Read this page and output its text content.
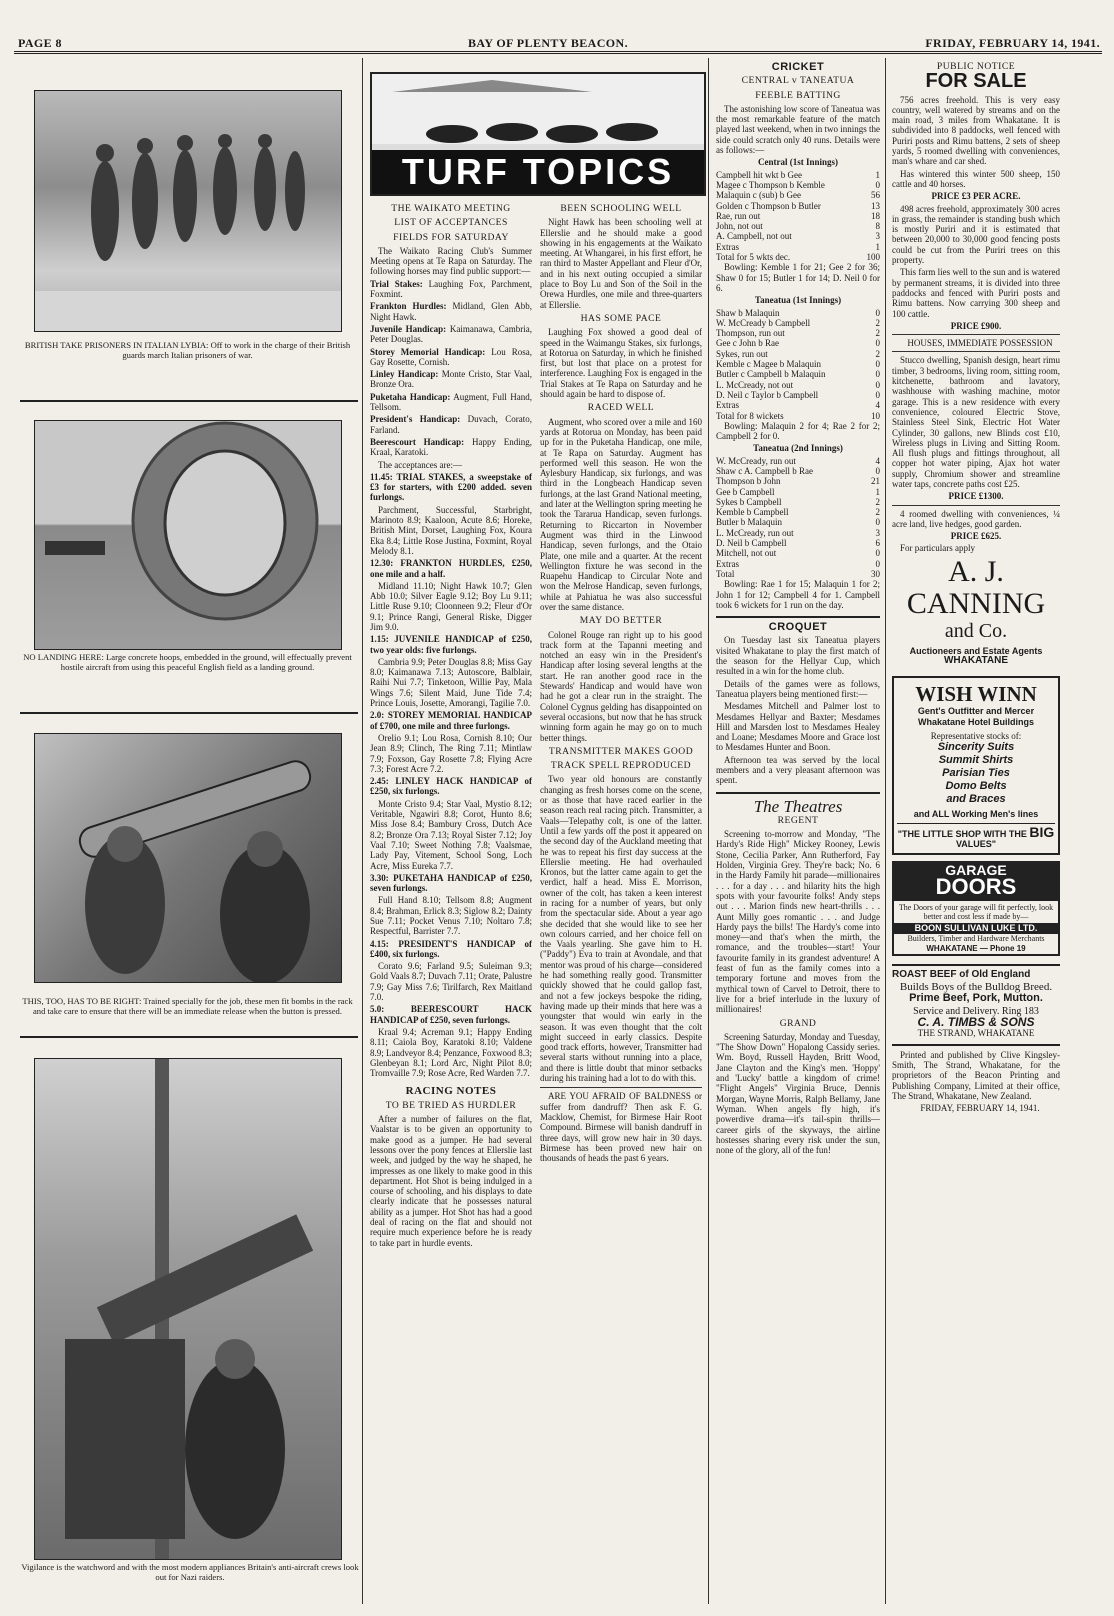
PAGE 8	BAY OF PLENTY BEACON.	FRIDAY, FEBRUARY 14, 1941.
BRITISH TAKE PRISONERS IN ITALIAN LYBIA: Off to work in the charge of their British guards march Italian prisoners of war.
NO LANDING HERE: Large concrete hoops, embedded in the ground, will effectually prevent hostile aircraft from using this peaceful English field as a landing ground.
THIS, TOO, HAS TO BE RIGHT: Trained specially for the job, these men fit bombs in the rack and take care to ensure that there will be an immediate release when the button is pressed.
Vigilance is the watchword and with the most modern appliances Britain's anti-aircraft crews look out for Nazi raiders.
TURF TOPICS
THE WAIKATO MEETING
LIST OF ACCEPTANCES
FIELDS FOR SATURDAY

The Waikato Racing Club's Summer Meeting opens at Te Rapa on Saturday. The following horses may find public support:—

Trial Stakes: Laughing Fox, Parchment, Foxmint.

Frankton Hurdles: Midland, Glen Abb, Night Hawk.

Juvenile Handicap: Kaimanawa, Cambria, Peter Douglas.

Storey Memorial Handicap: Lou Rosa, Gay Rosette, Cornish.

Linley Handicap: Monte Cristo, Star Vaal, Bronze Ora.

Puketaha Handicap: Augment, Full Hand, Tellsom.

President's Handicap: Duvach, Corato, Farland.

Beerescourt Handicap: Happy Ending, Kraal, Karatoki.

The acceptances are:—

11.45: TRIAL STAKES, a sweepstake of £3 for starters, with £200 added. seven furlongs.

Parchment, Successful, Starbright, Marinoto 8.9; Kaaloon, Acute 8.6; Horeke, British Mint, Dorset, Laughing Fox, Koura Eka 8.4; Little Rose Justina, Foxmint, Royal Melody 8.1.

12.30: FRANKTON HURDLES, £250, one mile and a half.

Midland 11.10; Night Hawk 10.7; Glen Abb 10.0; Silver Eagle 9.12; Boy Lu 9.11; Little Ruse 9.10; Cloonneen 9.2; Fleur d'Or 9.1; Prince Rangi, General Riske, Digger Jim 9.0.

1.15: JUVENILE HANDICAP of £250, two year olds: five furlongs.

Cambria 9.9; Peter Douglas 8.8; Miss Gay 8.0; Kaimanawa 7.13; Autoscore, Balblair, Raihi Nui 7.7; Tinketoon, Willie Pay, Mala Wings 7.6; Silent Maid, June Tide 7.4; Prince Louis, Josette, Amorangi, Tagilie 7.0.

2.0: STOREY MEMORIAL HANDICAP of £700, one mile and three furlongs.

Orelio 9.1; Lou Rosa, Cornish 8.10; Our Jean 8.9; Clinch, The Ring 7.11; Mintlaw 7.9; Foxson, Gay Rosette 7.8; Flying Acre 7.3; Forest Acre 7.2.

2.45: LINLEY HACK HANDICAP of £250, six furlongs.

Monte Cristo 9.4; Star Vaal, Mystio 8.12; Veritable, Ngawiri 8.8; Corot, Hunto 8.6; Miss Jose 8.4; Bambury Cross, Dutch Ace 8.2; Bronze Ora 7.13; Royal Sister 7.12; Joy Vaal 7.10; Sweet Nothing 7.8; Vaalsmae, Lady Pay, Vitement, School Song, Loch Acre, Miss Eureka 7.7.

3.30: PUKETAHA HANDICAP of £250, seven furlongs.

Full Hand 8.10; Tellsom 8.8; Augment 8.4; Brahman, Erlick 8.3; Siglow 8.2; Dainty Sue 7.11; Pocket Venus 7.10; Noltaro 7.8; Respectful, Barrister 7.7.

4.15: PRESIDENT'S HANDICAP of £400, six furlongs.

Corato 9.6; Farland 9.5; Suleiman 9.3; Gold Vaals 8.7; Duvach 7.11; Orate, Palustre 7.9; Gay Miss 7.6; Tirilfarch, Rex Maitland 7.0.

5.0: BEERESCOURT HACK HANDICAP of £250, seven furlongs.

Kraal 9.4; Acreman 9.1; Happy Ending 8.11; Caiola Boy, Karatoki 8.10; Valdene 8.9; Landveyor 8.4; Penzance, Foxwood 8.3; Glenbeyan 8.1; Lord Arc, Night Pilot 8.0; Tromvaille 7.9; Rose Acre, Red Warden 7.7.

RACING NOTES
TO BE TRIED AS HURDLER

After a number of failures on the flat, Vaalstar is to be given an opportunity to make good as a jumper. He had several lessons over the pony fences at Ellerslie last week, and judged by the way he shaped, he impresses as one likely to make good in this department. Hot Shot is being indulged in a course of schooling, and his displays to date clearly indicate that he possesses natural ability as a jumper. Hot Shot has had a good deal of racing on the flat and should not require much experience before he is ready to take part in hurdle events.

BEEN SCHOOLING WELL

Night Hawk has been schooling well at Ellerslie and he should make a good showing in his engagements at the Waikato meeting. At Whangarei, in his first effort, he ran third to Master Appellant and Fleur d'Or, and in his next outing occupied a similar place to Boy Lu and Son of the Soil in the Orewa Hurdles, one mile and three-quarters at Ellerslie.

HAS SOME PACE

Laughing Fox showed a good deal of speed in the Waimangu Stakes, six furlongs, at Rotorua on Saturday, in which he finished first, but lost that place on a protest for interference. Laughing Fox is engaged in the Trial Stakes at Te Rapa on Saturday and he should again be hard to dispose of.

RACED WELL

Augment, who scored over a mile and 160 yards at Rotorua on Monday, has been paid up for in the Puketaha Handicap, one mile, at Te Rapa on Saturday. Augment has performed well this season. He won the Aylesbury Handicap, six furlongs, and was third in the Longbeach Handicap seven furlongs, at the last Grand National meeting, and later at the Wellington spring meeting he took the Tararua Handicap, seven furlongs. Returning to Riccarton in November Augment was third in the Linwood Handicap, seven furlongs, and the Otaio Plate, one mile and a quarter. At the recent Wellington fixture he was second in the Ruapehu Handicap to Circular Note and won the Melrose Handicap, seven furlongs, while at Pahiatua he was also successful over the same distance.

MAY DO BETTER

Colonel Rouge ran right up to his good track form at the Tapanni meeting and notched an easy win in the President's Handicap after losing several lengths at the start. He ran another good race in the Stewards' Handicap and would have won had he got a clear run in the straight. The Colonel Cygnus gelding has disappointed on several occasions, but now that he has struck winning form again he may go on to much better things.

TRANSMITTER MAKES GOOD
TRACK SPELL REPRODUCED

Two year old honours are constantly changing as fresh horses come on the scene, or as those that have raced earlier in the season reach real racing pitch. Transmitter, a Vaals—Telepathy colt, is one of the latter. Until a few yards off the post it appeared on the second day of the Auckland meeting that he was to repeat his first day success at the Ellerslie meeting. He had overhauled Kronos, but the latter came again to get the verdict, half a head. Miss E. Morrison, owner of the colt, has taken a keen interest in racing for a number of years, but only from the spectacular side. About a year ago she decided that she would like to see her own colours carried, and her choice fell on the Vaals yearling. She gave him to H. ("Paddy") Eva to train at Avondale, and that mentor was proud of his charge—considered he had something really good. Transmitter quickly showed that he could gallop fast, and not a few jockeys bespoke the riding, having made up their minds that here was a youngster that would win early in the season. It was even thought that the colt might succeed in early classics. Despite good track efforts, however, Transmitter had several starts without running into a place, and there is little doubt that minor setbacks during his training had a lot to do with this.

ARE YOU AFRAID OF BALDNESS or suffer from dandruff? Then ask F. G. Macklow, Chemist, for Birmese Hair Root Compound. Birmese will banish dandruff in three days, will grow new hair in 30 days. Birmese has been proved new hair on thousands of heads the past 6 years.

CRICKET
CENTRAL v TANEATUA
FEEBLE BATTING

The astonishing low score of Taneatua was the most remarkable feature of the match played last weekend, when in two innings the side could scratch only 40 runs. Details were as follows:—

Central (1st Innings)

Campbell hit wkt b Gee	1
Magee c Thompson b Kemble	0
Malaquin c (sub) b Gee	56
Golden c Thompson b Butler	13
Rae, run out	18
John, not out	8
A. Campbell, not out	3
Extras	1
Total for 5 wkts dec.	100

Bowling: Kemble 1 for 21; Gee 2 for 36; Shaw 0 for 15; Butler 1 for 14; D. Neil 0 for 6.

Taneatua (1st Innings)

Shaw b Malaquin	0
W. McCready b Campbell	2
Thompson, run out	2
Gee c John b Rae	0
Sykes, run out	2
Kemble c Magee b Malaquin	0
Butler c Campbell b Malaquin	0
L. McCready, not out	0
D. Neil c Taylor b Campbell	0
Extras	4
Total for 8 wickets	10

Bowling: Malaquin 2 for 4; Rae 2 for 2; Campbell 2 for 0.

Taneatua (2nd Innings)

W. McCready, run out	4
Shaw c A. Campbell b Rae	0
Thompson b John	21
Gee b Campbell	1
Sykes b Campbell	2
Kemble b Campbell	2
Butler b Malaquin	0
L. McCready, run out	3
D. Neil b Campbell	6
Mitchell, not out	0
Extras	0
Total	30

Bowling: Rae 1 for 15; Malaquin 1 for 2; John 1 for 12; Campbell 4 for 1. Campbell took 6 wickets for 1 run on the day.

CROQUET

On Tuesday last six Taneatua players visited Whakatane to play the first match of the season for the Hellyar Cup, which resulted in a win for the home club.

Details of the games were as follows, Taneatua players being mentioned first:—

Mesdames Mitchell and Palmer lost to Mesdames Hellyar and Baxter; Mesdames Hill and Marsden lost to Mesdames Healey and Loane; Mesdames Moore and Grace lost to Mesdames Hunter and Boon.

Afternoon tea was served by the local members and a very pleasant afternoon was spent.

The Theatres
REGENT

Screening to-morrow and Monday, "The Hardy's Ride High" Mickey Rooney, Lewis Stone, Cecilia Parker, Ann Rutherford, Fay Holden, Virginia Grey. They're back; No. 6 in the Hardy Family hit parade—millionaires . . . for a day . . . and hilarity hits the high spots with your favourite folks! Andy steps out . . . Marion finds new heart-thrills . . . Aunt Milly goes romantic . . . and Judge Hardy pays the bills! The Hardy's come into money—and that's when the mirth, the romance, and the troubles—start! Your favourite family in its grandest adventure! A feast of fun as the family comes into a temporary fortune and moves from the mythical town of Carvel to Detroit, there to live for a brief interlude in the luxury of millionaires!

GRAND

Screening Saturday, Monday and Tuesday, "The Show Down" Hopalong Cassidy series. Wm. Boyd, Russell Hayden, Britt Wood, Jane Clayton and the King's men. 'Hoppy' and 'Lucky' battle a kingdom of crime! "Flight Angels" Virginia Bruce, Dennis Morgan, Wayne Morris, Ralph Bellamy, Jane Wyman. When angels fly high, it's powerdive drama—it's tail-spin thrills—career girls of the skyways, the airline hostesses sharing every risk under the sun, none of the glory, all of the fun!

PUBLIC NOTICE
FOR SALE

756 acres freehold. This is very easy country, well watered by streams and on the main road, 3 miles from Whakatane. It is subdivided into 8 paddocks, well fenced with Puriri posts and Rimu battens, 2 sets of sheep yards, 5 roomed dwelling with conveniences, man's whare and car shed.

Has wintered this winter 500 sheep, 150 cattle and 40 horses.

PRICE £3 PER ACRE.

498 acres freehold, approximately 300 acres in grass, the remainder is standing bush which is mostly Puriri and it is estimated that between 20,000 to 30,000 good fencing posts could be cut from the Puriri trees on this property.

This farm lies well to the sun and is watered by permanent streams, it is divided into three paddocks and fenced with Puriri posts and Rimu battens. Now carrying 300 sheep and 100 cattle.

PRICE £900.

HOUSES, IMMEDIATE POSSESSION

Stucco dwelling, Spanish design, heart rimu timber, 3 bedrooms, living room, sitting room, kitchenette, bathroom and lavatory, washhouse with washing machine, motor garage. This is a new residence with every convenience, coloured Electric Stove, Stainless Steel Sink, Electric Hot Water Cylinder, 30 gallons, new Blinds cost £10, Wireless plugs in Living and Sitting Room. All flush plugs and fittings throughout, all copper hot water piping, Ajax hot water supply, Chromium shower and streamline water taps, concrete paths cost £25.

PRICE £1300.

4 roomed dwelling with conveniences, ¼ acre land, live hedges, good garden.

PRICE £625.

For particulars apply

A. J. CANNING
and Co.
Auctioneers and Estate Agents
WHAKATANE
WISH WINN
Gent's Outfitter and Mercer
Whakatane Hotel Buildings
Representative stocks of:
Sincerity Suits
Summit Shirts
Parisian Ties
Domo Belts
and Braces
and ALL Working Men's lines
"THE LITTLE SHOP WITH THE BIG VALUES"
GARAGE
DOORS
The Doors of your garage will fit perfectly, look better and cost less if made by—
BOON SULLIVAN LUKE LTD.
Builders, Timber and Hardware Merchants
WHAKATANE — Phone 19
ROAST BEEF of Old England
Builds Boys of the Bulldog Breed.
Prime Beef, Pork, Mutton.
Service and Delivery. Ring 183
C. A. TIMBS & SONS
THE STRAND, WHAKATANE

Printed and published by Clive Kingsley-Smith, The Strand, Whakatane, for the proprietors of the Beacon Printing and Publishing Company, Limited at their office, The Strand, Whakatane, New Zealand.

FRIDAY, FEBRUARY 14, 1941.
